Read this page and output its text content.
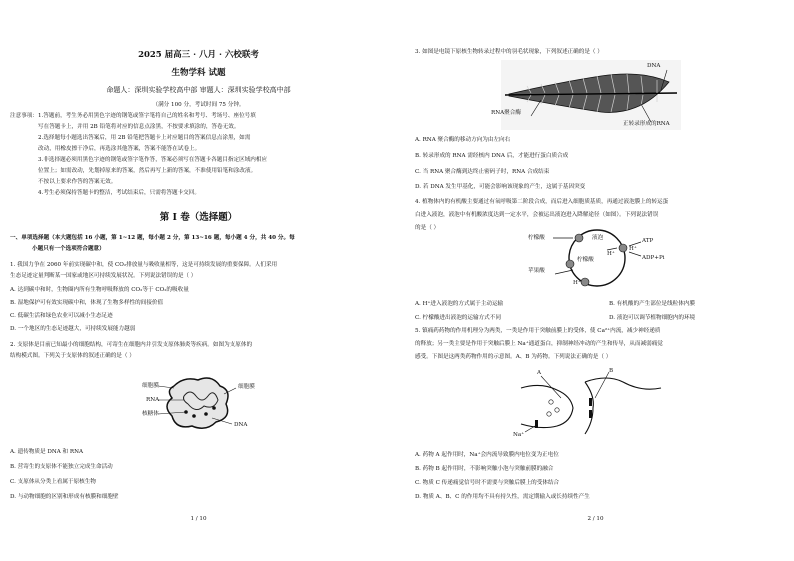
2025 届高三 · 八月 · 六校联考
生物学科 试题
命题人：深圳实验学校高中部 审题人：深圳实验学校高中部
（满分 100 分，考试时间 75 分钟。
注意事项：1.答题前，考生务必用黑色字迹的钢笔或签字笔将自己的姓名和考号、考场号、座位号填
写在答题卡上，并用 2B 铅笔将对应的信息点涂黑，不按要求填涂的，答卷无效。
2.选择题每小题选出答案后，用 2B 铅笔把答题卡上对应题目的答案信息点涂黑，如需
改动，用橡皮擦干净后，再选涂其他答案，答案不能答在试卷上。
3.非选择题必须用黑色字迹的钢笔或签字笔作答，答案必须写在答题卡各题目指定区域内相应
位置上；如需改动，先划掉原来的答案，然后再写上新的答案，不准使用铅笔和涂改液。
不按以上要求作答的答案无效。
4.考生必须保持答题卡的整洁，考试结束后，只需将答题卡交回。
第 I 卷（选择题）
一、单项选择题（本大题包括 16 小题，第 1~12 题，每小题 2 分，第 13~16 题，每小题 4 分，共 40 分。每
小题只有一个选项符合题意）
1. 我国力争在 2060 年前实现碳中和，使 CO₂排放量与吸收量相等，这是可持续发展的重要保障。人们采用
生态足迹定量判断某一国家或地区可持续发展状况。下列说法错误的是（ ）
A. 达到碳中和时，生物圈内所有生物呼吸释放的 CO₂等于 CO₂的吸收量
B. 湿地保护可有效实现碳中和，体现了生物多样性的间接价值
C. 低碳生活和绿色农业可以减小生态足迹
D. 一个地区的生态足迹越大，可持续发展能力越弱
2. 支原体是目前已知最小的细胞结构，可寄生在细胞内并引发支原体肺炎等疾病。如图为支原体的
结构模式图。下列关于支原体的叙述正确的是（ ）
细胞膜
RNA
核糖体
细胞膜
DNA
A. 遗传物质是 DNA 和 RNA
B. 营寄生的支原体不能独立完成生命活动
C. 支原体从分类上看属于原核生物
D. 与动物细胞的区别和形成有核膜和细胞壁
1 / 10
3. 如图是电镜下原核生物转录过程中的羽毛状现象，下列叙述正确的是（ ）
DNA
RNA聚合酶
正转录形成的RNA
A. RNA 聚合酶的移动方向为由左向右
B. 转录形成的 RNA 需经核内 DNA 后，才能进行蛋白质合成
C. 当 RNA 聚合酶到达终止密码子时，RNA 合成结束
D. 若 DNA 发生甲基化，可能会影响该现象的产生，这属于基因突变
4. 植物体内的有机酸主要通过有氧呼吸第二阶段合成，而后进入细胞质基质，再通过液泡膜上的转运蛋
白进入液泡，液泡中有机酸浓度达到一定水平，会被运出液泡进入降解途径（如图）。下列说法错误
的是（ ）
液泡
柠檬酸
柠檬酸
苹果酸
ATP
ADP+Pi
H⁺
H⁺
H⁺
A. H⁺进入液泡的方式属于主动运输	B. 有机酸的产生部位是线粒体内膜
C. 柠檬酸进出液泡的运输方式不同	D. 液泡可以调节植物细胞内的环境
5. 镇痛药药物的作用机理分为两类，一类是作用于突触前膜上的受体，使 Ca²⁺内流，减少神经递质
的释放；另一类主要是作用于突触后膜上 Na⁺通道蛋白，抑制神经冲动的产生和传导，从而减弱痛觉
感受。下图是这两类药物作用的示意图。A、B 为药物。下列说法正确的是（ ）
A	B
Na⁺
A. 药物 A 起作用时，Na⁺会内流导致膜内电位变为正电位
B. 药物 B 起作用时，不影响突触小泡与突触前膜的融合
C. 物质 C 传递痛觉信号时不需要与突触后膜上的受体结合
D. 物质 A、B、C 的作用均不具有持久性，需定期输入或长持续性产生
2 / 10
